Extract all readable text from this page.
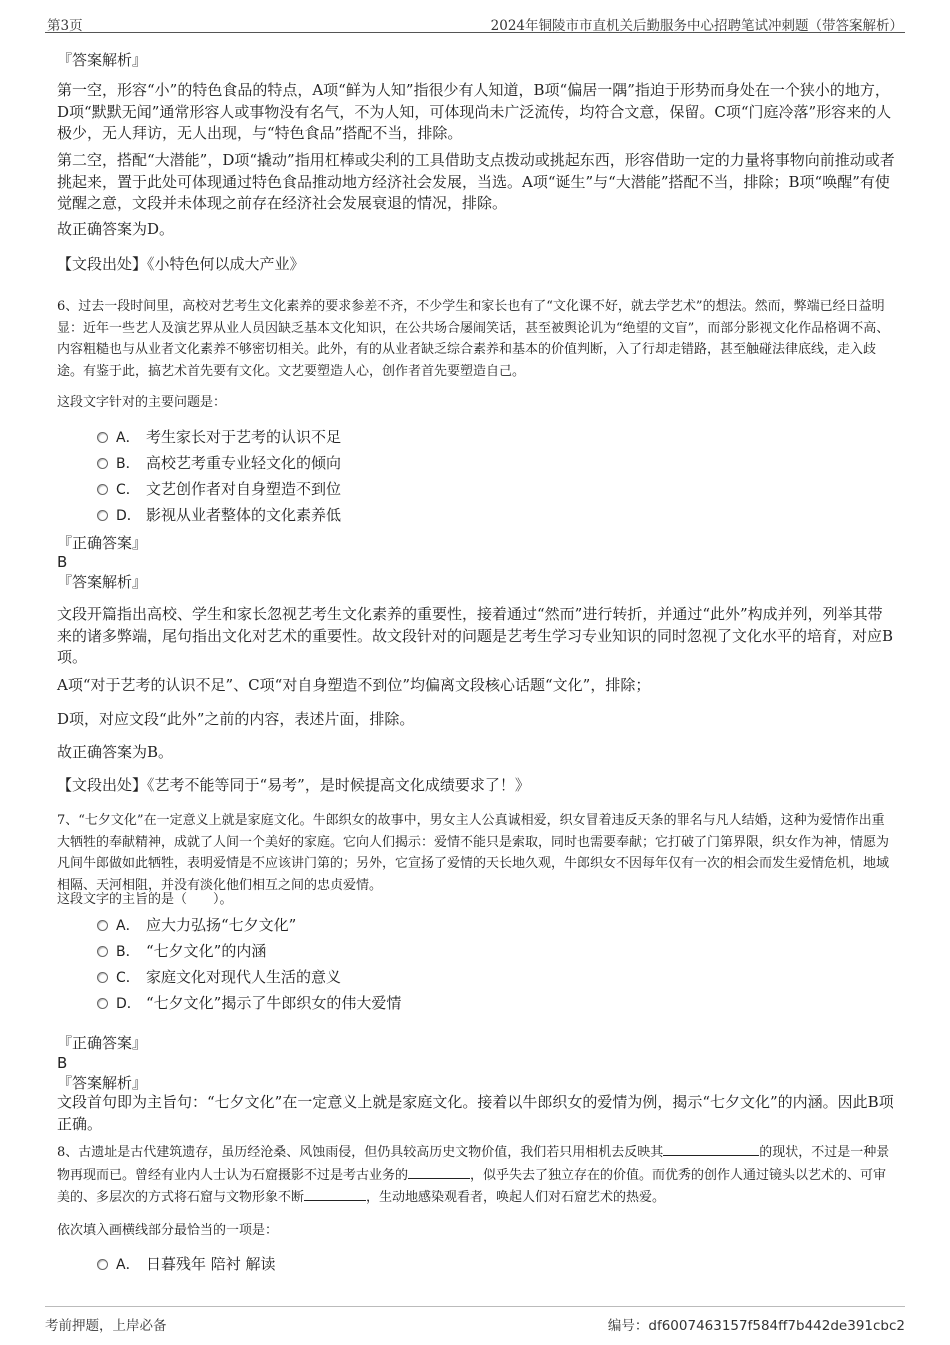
第3页	2024年铜陵市市直机关后勤服务中心招聘笔试冲刺题（带答案解析）
『答案解析』
第一空，形容“小”的特色食品的特点，A项“鲜为人知”指很少有人知道，B项“偏居一隅”指迫于形势而身处在一个狭小的地方，D项“默默无闻”通常形容人或事物没有名气，不为人知，可体现尚未广泛流传，均符合文意，保留。C项“门庭冷落”形容来的人极少，无人拜访，无人出现，与“特色食品”搭配不当，排除。
第二空，搭配“大潜能”，D项“撬动”指用杠棒或尖利的工具借助支点拨动或挑起东西，形容借助一定的力量将事物向前推动或者挑起来，置于此处可体现通过特色食品推动地方经济社会发展，当选。A项“诞生”与“大潜能”搭配不当，排除；B项“唤醒”有使觉醒之意，文段并未体现之前存在经济社会发展衰退的情况，排除。
故正确答案为D。
【文段出处】《小特色何以成大产业》
6、过去一段时间里，高校对艺考生文化素养的要求参差不齐，不少学生和家长也有了“文化课不好，就去学艺术”的想法。然而，弊端已经日益明显：近年一些艺人及演艺界从业人员因缺乏基本文化知识，在公共场合屡闹笑话，甚至被舆论讥为“绝望的文盲”，而部分影视文化作品格调不高、内容粗糙也与从业者文化素养不够密切相关。此外，有的从业者缺乏综合素养和基本的价值判断，入了行却走错路，甚至触碰法律底线，走入歧途。有鉴于此，搞艺术首先要有文化。文艺要塑造人心，创作者首先要塑造自己。
这段文字针对的主要问题是：
A． 考生家长对于艺考的认识不足
B． 高校艺考重专业轻文化的倾向
C． 文艺创作者对自身塑造不到位
D． 影视从业者整体的文化素养低
『正确答案』
B
『答案解析』
文段开篇指出高校、学生和家长忽视艺考生文化素养的重要性，接着通过“然而”进行转折，并通过“此外”构成并列，列举其带来的诸多弊端，尾句指出文化对艺术的重要性。故文段针对的问题是艺考生学习专业知识的同时忽视了文化水平的培育，对应B项。
A项“对于艺考的认识不足”、C项“对自身塑造不到位”均偏离文段核心话题“文化”，排除；
D项，对应文段“此外”之前的内容，表述片面，排除。
故正确答案为B。
【文段出处】《艺考不能等同于“易考”，是时候提高文化成绩要求了！》
7、“七夕文化”在一定意义上就是家庭文化。牛郎织女的故事中，男女主人公真诚相爱，织女冒着违反天条的罪名与凡人结婚，这种为爱情作出重大牺牲的奉献精神，成就了人间一个美好的家庭。它向人们揭示：爱情不能只是索取，同时也需要奉献；它打破了门第界限，织女作为神，情愿为凡间牛郎做如此牺牲，表明爱情是不应该讲门第的；另外，它宣扬了爱情的天长地久观，牛郎织女不因每年仅有一次的相会而发生爱情危机，地域相隔、天河相阻，并没有淡化他们相互之间的忠贞爱情。
这段文字的主旨的是（　　）。
A． 应大力弘扬“七夕文化”
B． “七夕文化”的内涵
C． 家庭文化对现代人生活的意义
D． “七夕文化”揭示了牛郎织女的伟大爱情
『正确答案』
B
『答案解析』
文段首句即为主旨句：“七夕文化”在一定意义上就是家庭文化。接着以牛郎织女的爱情为例，揭示“七夕文化”的内涵。因此B项正确。
8、古遗址是古代建筑遗存，虽历经沧桑、风蚀雨侵，但仍具较高历史文物价值，我们若只用相机去反映其	的现状，不过是一种景物再现而已。曾经有业内人士认为石窟摄影不过是考古业务的	，似乎失去了独立存在的价值。而优秀的创作人通过镜头以艺术的、可审美的、多层次的方式将石窟与文物形象不断	，生动地感染观看者，唤起人们对石窟艺术的热爱。
依次填入画横线部分最恰当的一项是：
A． 日暮残年 陪衬 解读
考前押题，上岸必备	编号：df6007463157f584ff7b442de391cbc2
